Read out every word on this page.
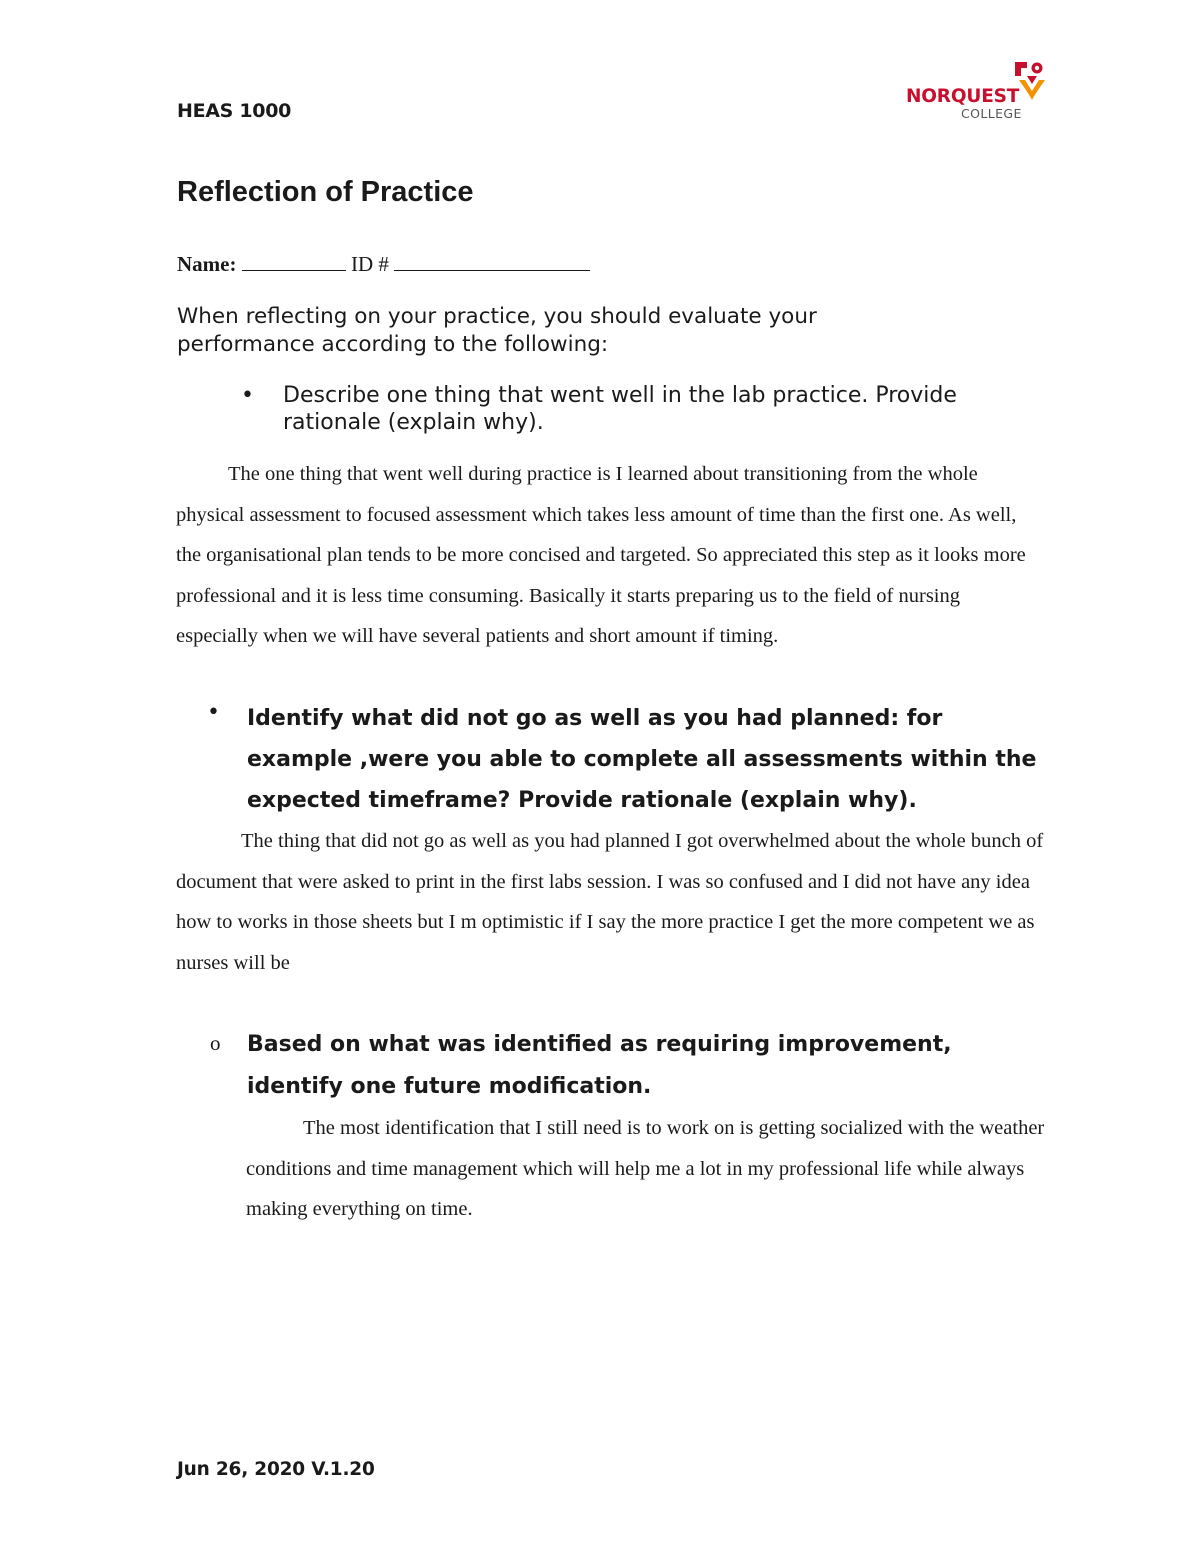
HEAS 1000
NORQUEST
COLLEGE
Reflection of Practice
Name:	ID #
When reflecting on your practice, you should evaluate your performance according to the following:
• Describe one thing that went well in the lab practice. Provide rationale (explain why).
The one thing that went well during practice is I learned about transitioning from the whole physical assessment to focused assessment which takes less amount of time than the first one. As well, the organisational plan tends to be more concised and targeted. So appreciated this step as it looks more professional and it is less time consuming. Basically it starts preparing us to the field of nursing especially when we will have several patients and short amount if timing.
• Identify what did not go as well as you had planned: for example ,were you able to complete all assessments within the expected timeframe? Provide rationale (explain why).
The thing that did not go as well as you had planned I got overwhelmed about the whole bunch of document that were asked to print in the first labs session. I was so confused and I did not have any idea how to works in those sheets but I m optimistic if I say the more practice I get the more competent we as nurses will be
o Based on what was identified as requiring improvement, identify one future modification.
The most identification that I still need is to work on is getting socialized with the weather conditions and time management which will help me a lot in my professional life while always making everything on time.
Jun 26, 2020 V.1.20
